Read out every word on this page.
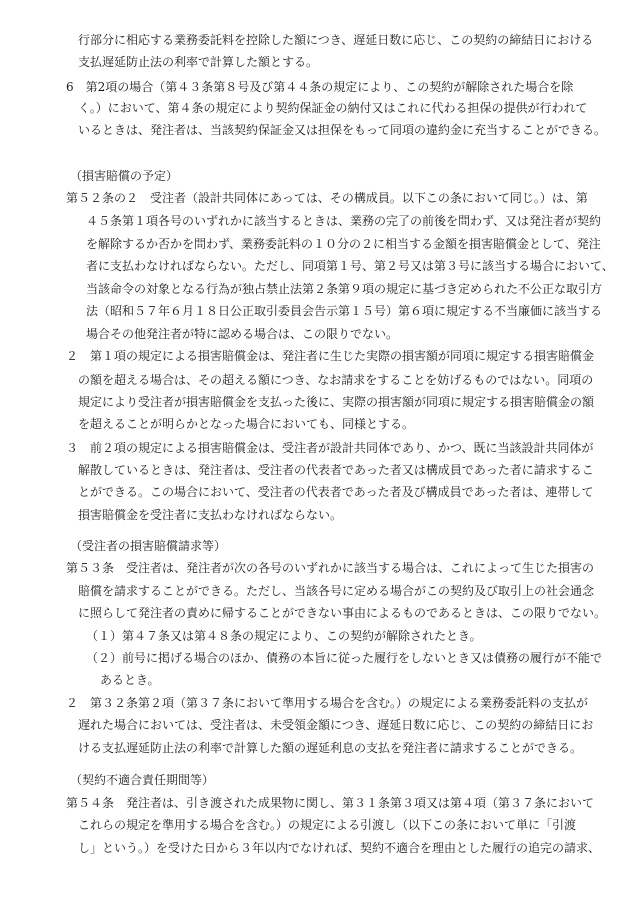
行部分に相応する業務委託料を控除した額につき、遅延日数に応じ、この契約の締結日における
支払遅延防止法の利率で計算した額とする。
6　第2項の場合（第４３条第８号及び第４４条の規定により、この契約が解除された場合を除
く。）において、第４条の規定により契約保証金の納付又はこれに代わる担保の提供が行われて
いるときは、発注者は、当該契約保証金又は担保をもって同項の違約金に充当することができる。
（損害賠償の予定）
第５２条の２　受注者（設計共同体にあっては、その構成員。以下この条において同じ。）は、第
４５条第１項各号のいずれかに該当するときは、業務の完了の前後を問わず、又は発注者が契約
を解除するか否かを問わず、業務委託料の１０分の２に相当する金額を損害賠償金として、発注
者に支払わなければならない。ただし、同項第１号、第２号又は第３号に該当する場合において、
当該命令の対象となる行為が独占禁止法第２条第９項の規定に基づき定められた不公正な取引方
法（昭和５７年６月１８日公正取引委員会告示第１５号）第６項に規定する不当廉価に該当する
場合その他発注者が特に認める場合は、この限りでない。
２　第１項の規定による損害賠償金は、発注者に生じた実際の損害額が同項に規定する損害賠償金
の額を超える場合は、その超える額につき、なお請求をすることを妨げるものではない。同項の
規定により受注者が損害賠償金を支払った後に、実際の損害額が同項に規定する損害賠償金の額
を超えることが明らかとなった場合においても、同様とする。
３　前２項の規定による損害賠償金は、受注者が設計共同体であり、かつ、既に当該設計共同体が
解散しているときは、発注者は、受注者の代表者であった者又は構成員であった者に請求するこ
とができる。この場合において、受注者の代表者であった者及び構成員であった者は、連帯して
損害賠償金を受注者に支払わなければならない。
（受注者の損害賠償請求等）
第５３条　受注者は、発注者が次の各号のいずれかに該当する場合は、これによって生じた損害の
賠償を請求することができる。ただし、当該各号に定める場合がこの契約及び取引上の社会通念
に照らして発注者の責めに帰することができない事由によるものであるときは、この限りでない。
（１）第４７条又は第４８条の規定により、この契約が解除されたとき。
（２）前号に掲げる場合のほか、債務の本旨に従った履行をしないとき又は債務の履行が不能で
あるとき。
２　第３２条第２項（第３７条において準用する場合を含む。）の規定による業務委託料の支払が
遅れた場合においては、受注者は、未受領金額につき、遅延日数に応じ、この契約の締結日にお
ける支払遅延防止法の利率で計算した額の遅延利息の支払を発注者に請求することができる。
（契約不適合責任期間等）
第５４条　発注者は、引き渡された成果物に関し、第３１条第３項又は第４項（第３７条において
これらの規定を準用する場合を含む。）の規定による引渡し（以下この条において単に「引渡
し」という。）を受けた日から３年以内でなければ、契約不適合を理由とした履行の追完の請求、
